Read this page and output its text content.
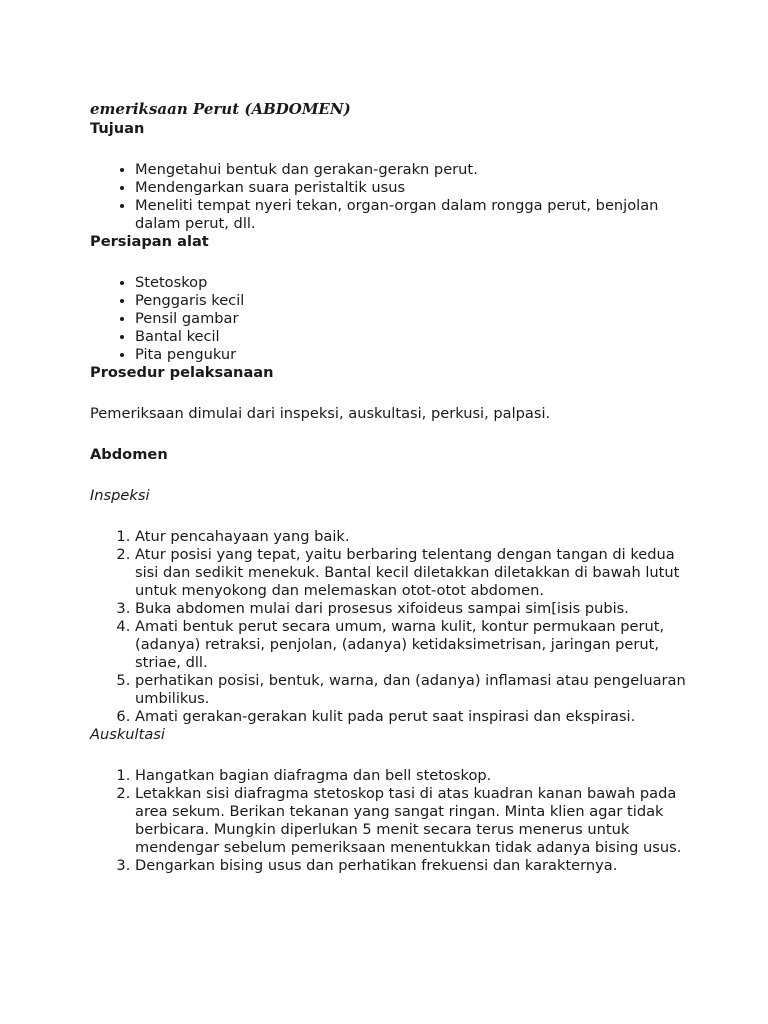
emeriksaan Perut (ABDOMEN)
Tujuan
• Mengetahui bentuk dan gerakan-gerakn perut.
• Mendengarkan suara peristaltik usus
• Meneliti tempat nyeri tekan, organ-organ dalam rongga perut, benjolan dalam perut, dll.
Persiapan alat
• Stetoskop
• Penggaris kecil
• Pensil gambar
• Bantal kecil
• Pita pengukur
Prosedur pelaksanaan

Pemeriksaan dimulai dari inspeksi, auskultasi, perkusi, palpasi.

Abdomen
Inspeksi
1. Atur pencahayaan yang baik.
2. Atur posisi yang tepat, yaitu berbaring telentang dengan tangan di kedua sisi dan sedikit menekuk. Bantal kecil diletakkan diletakkan di bawah lutut untuk menyokong dan melemaskan otot-otot abdomen.
3. Buka abdomen mulai dari prosesus xifoideus sampai sim[isis pubis.
4. Amati bentuk perut secara umum, warna kulit, kontur permukaan perut, (adanya) retraksi, penjolan, (adanya) ketidaksimetrisan, jaringan perut, striae, dll.
5. perhatikan posisi, bentuk, warna, dan (adanya) inflamasi atau pengeluaran umbilikus.
6. Amati gerakan-gerakan kulit pada perut saat inspirasi dan ekspirasi.
Auskultasi
1. Hangatkan bagian diafragma dan bell stetoskop.
2. Letakkan sisi diafragma stetoskop tasi di atas kuadran kanan bawah pada area sekum. Berikan tekanan yang sangat ringan. Minta klien agar tidak berbicara. Mungkin diperlukan 5 menit secara terus menerus untuk mendengar sebelum pemeriksaan menentukkan tidak adanya bising usus.
3. Dengarkan bising usus dan perhatikan frekuensi dan karakternya.
